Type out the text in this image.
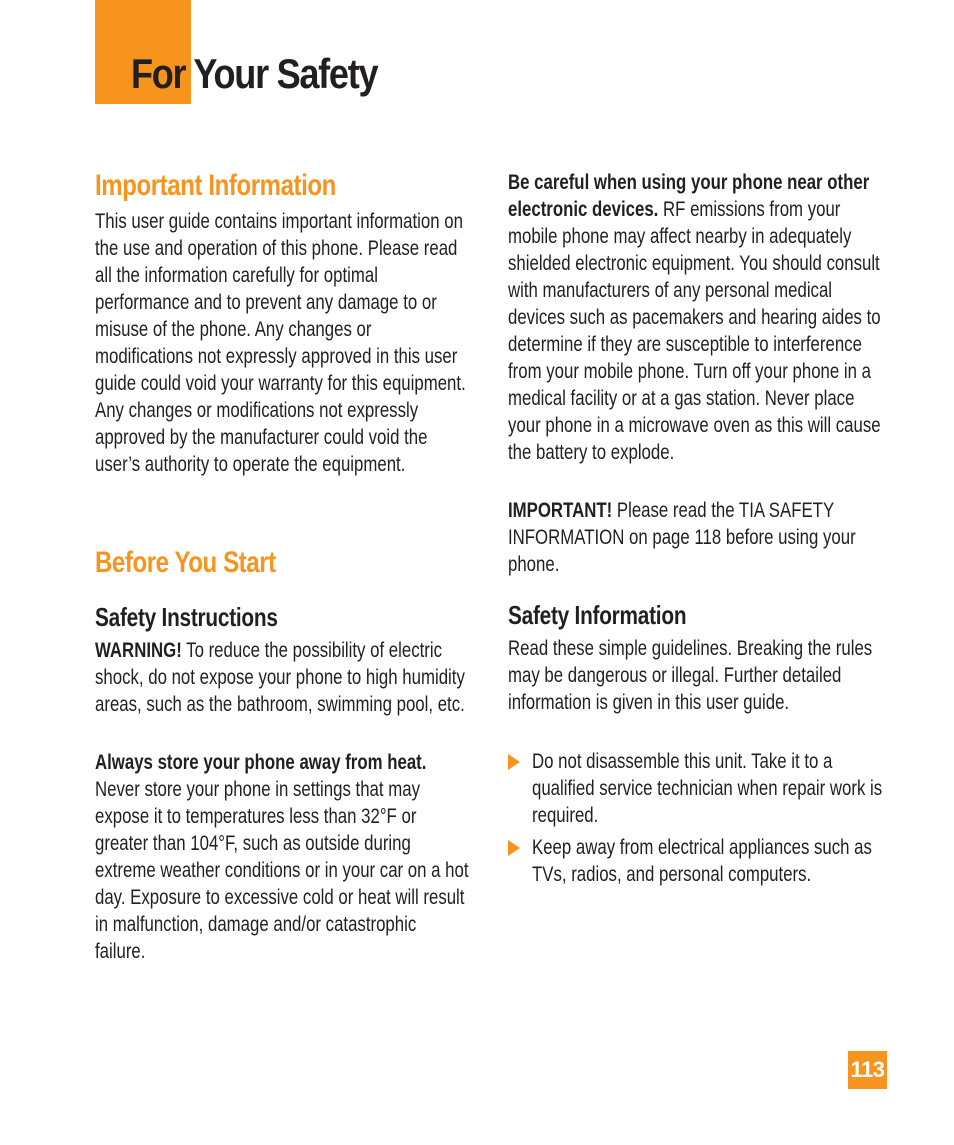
For Your Safety
Important Information

This user guide contains important information on the use and operation of this phone. Please read all the information carefully for optimal performance and to prevent any damage to or misuse of the phone. Any changes or modifications not expressly approved in this user guide could void your warranty for this equipment. Any changes or modifications not expressly approved by the manufacturer could void the user’s authority to operate the equipment.

Before You Start
Safety Instructions

WARNING! To reduce the possibility of electric shock, do not expose your phone to high humidity areas, such as the bathroom, swimming pool, etc.

Always store your phone away from heat. Never store your phone in settings that may expose it to temperatures less than 32°F or greater than 104°F, such as outside during extreme weather conditions or in your car on a hot day. Exposure to excessive cold or heat will result in malfunction, damage and/or catastrophic failure.

Be careful when using your phone near other electronic devices. RF emissions from your mobile phone may affect nearby in adequately shielded electronic equipment. You should consult with manufacturers of any personal medical devices such as pacemakers and hearing aides to determine if they are susceptible to interference from your mobile phone. Turn off your phone in a medical facility or at a gas station. Never place your phone in a microwave oven as this will cause the battery to explode.

IMPORTANT! Please read the TIA SAFETY INFORMATION on page 118 before using your phone.

Safety Information

Read these simple guidelines. Breaking the rules may be dangerous or illegal. Further detailed information is given in this user guide.

Do not disassemble this unit. Take it to a qualified service technician when repair work is required.
Keep away from electrical appliances such as TVs, radios, and personal computers.
113
